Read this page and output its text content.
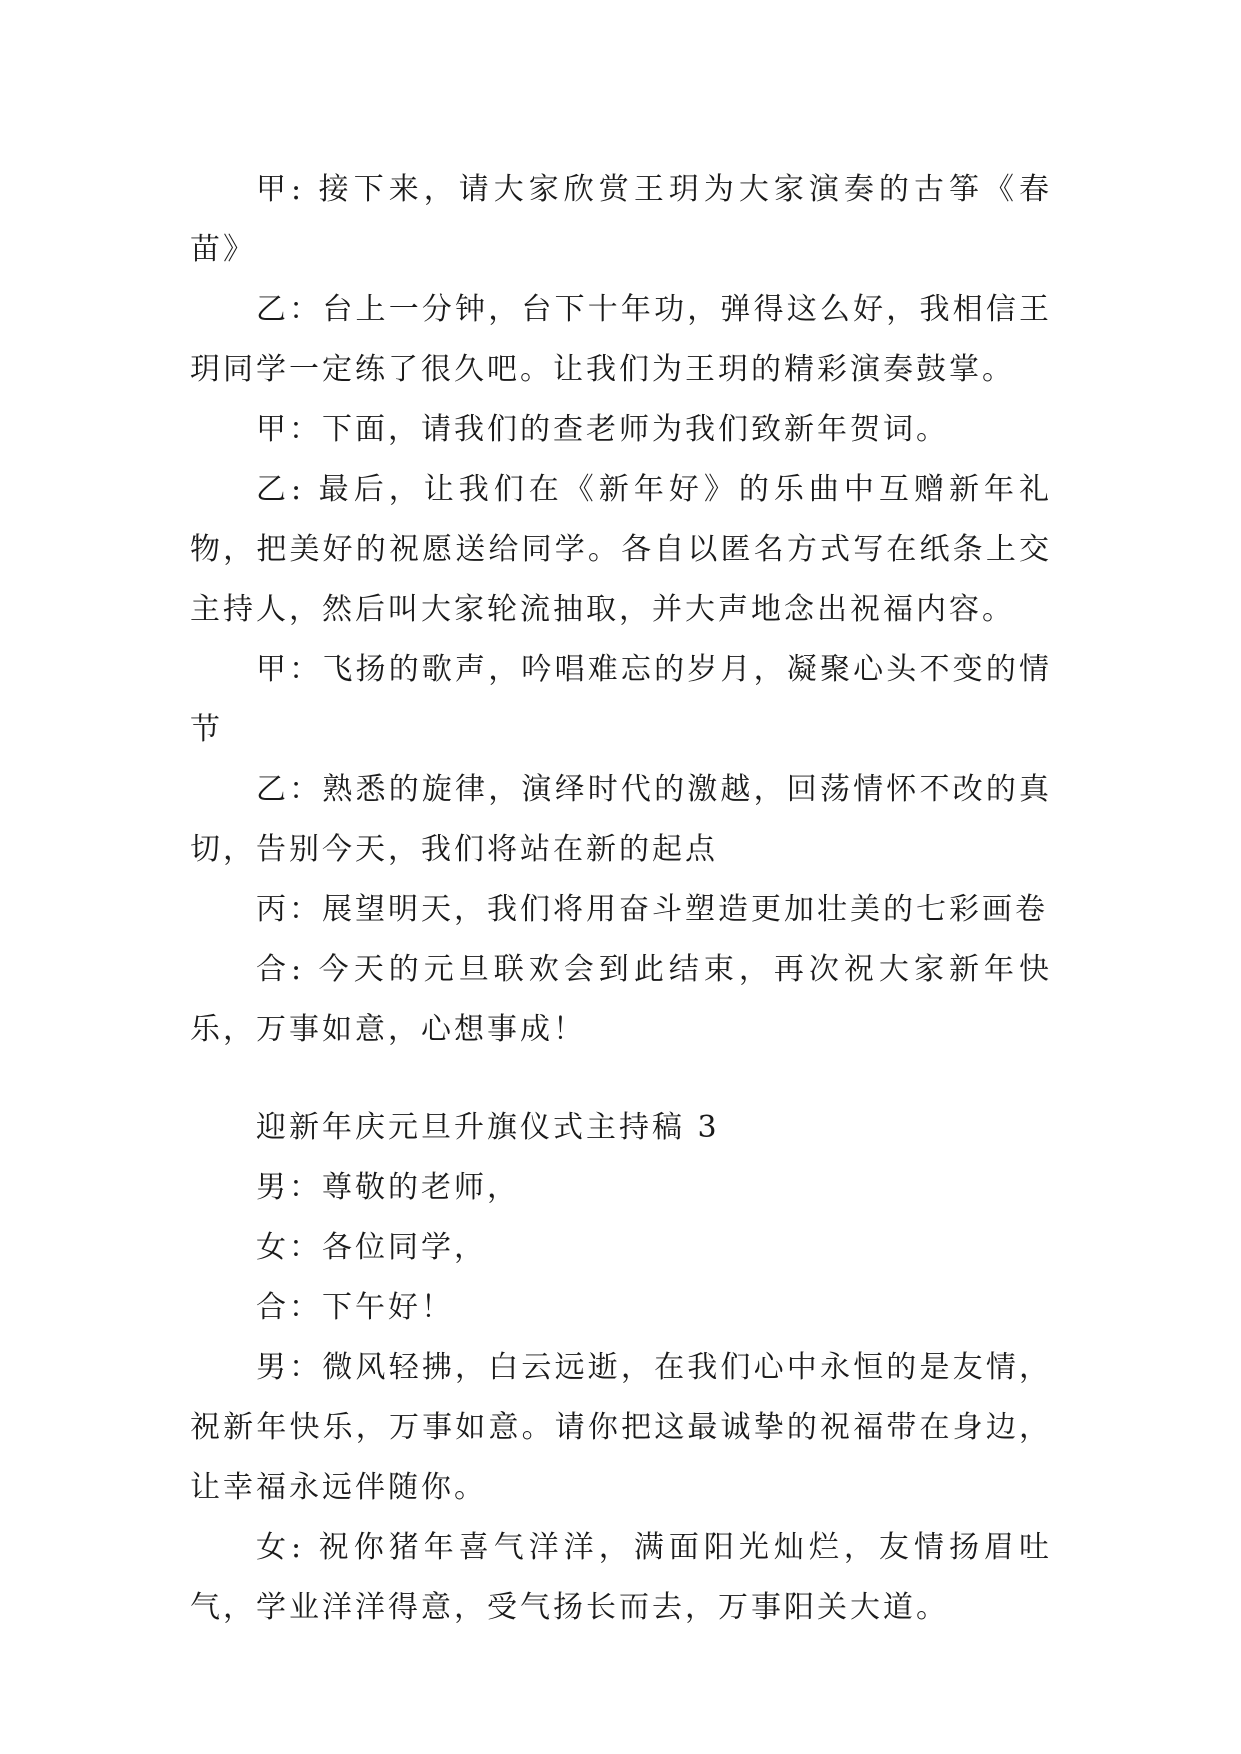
甲: 接下来，请大家欣赏王玥为大家演奏的古筝《春苗》

乙：台上一分钟，台下十年功，弹得这么好，我相信王玥同学一定练了很久吧。让我们为王玥的精彩演奏鼓掌。

甲：下面，请我们的查老师为我们致新年贺词。

乙: 最后，让我们在《新年好》的乐曲中互赠新年礼物，把美好的祝愿送给同学。各自以匿名方式写在纸条上交主持人，然后叫大家轮流抽取，并大声地念出祝福内容。

甲：飞扬的歌声，吟唱难忘的岁月，凝聚心头不变的情节

乙：熟悉的旋律，演绎时代的激越，回荡情怀不改的真切，告别今天，我们将站在新的起点

丙：展望明天，我们将用奋斗塑造更加壮美的七彩画卷

合: 今天的元旦联欢会到此结束，再次祝大家新年快乐，万事如意，心想事成！

迎新年庆元旦升旗仪式主持稿 3

男：尊敬的老师，

女：各位同学，

合：下午好！

男：微风轻拂，白云远逝，在我们心中永恒的是友情，祝新年快乐，万事如意。请你把这最诚挚的祝福带在身边，让幸福永远伴随你。

女: 祝你猪年喜气洋洋，满面阳光灿烂，友情扬眉吐气，学业洋洋得意，受气扬长而去，万事阳关大道。
